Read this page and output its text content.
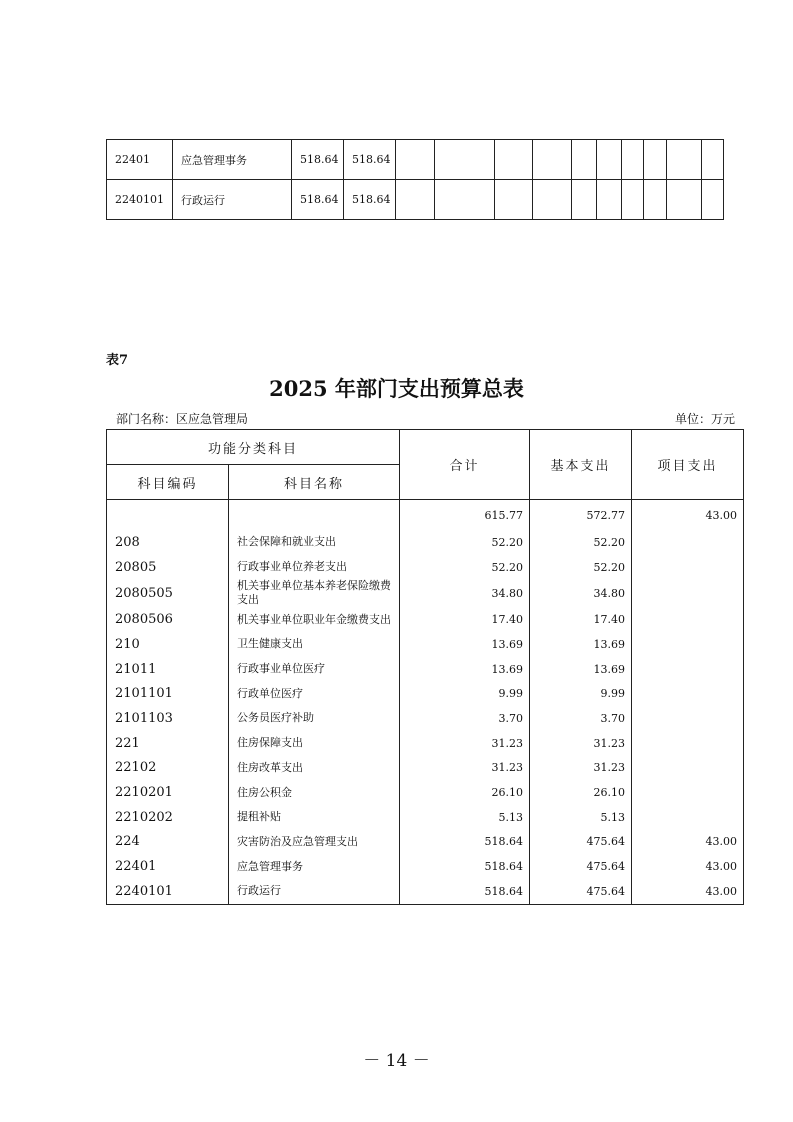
22401	应急管理事务	518.64	518.64										
2240101	行政运行	518.64	518.64										

表7

2025 年部门支出预算总表
部门名称：区应急管理局	单位：万元
功能分类科目		合计	基本支出	项目支出
科目编码	科目名称			
		615.77	572.77	43.00
208	社会保障和就业支出	52.20	52.20	
20805	行政事业单位养老支出	52.20	52.20	
2080505	机关事业单位基本养老保险缴费支出	34.80	34.80	
2080506	机关事业单位职业年金缴费支出	17.40	17.40	
210	卫生健康支出	13.69	13.69	
21011	行政事业单位医疗	13.69	13.69	
2101101	行政单位医疗	9.99	9.99	
2101103	公务员医疗补助	3.70	3.70	
221	住房保障支出	31.23	31.23	
22102	住房改革支出	31.23	31.23	
2210201	住房公积金	26.10	26.10	
2210202	提租补贴	5.13	5.13	
224	灾害防治及应急管理支出	518.64	475.64	43.00
22401	应急管理事务	518.64	475.64	43.00
2240101	行政运行	518.64	475.64	43.00
－ 14 －
